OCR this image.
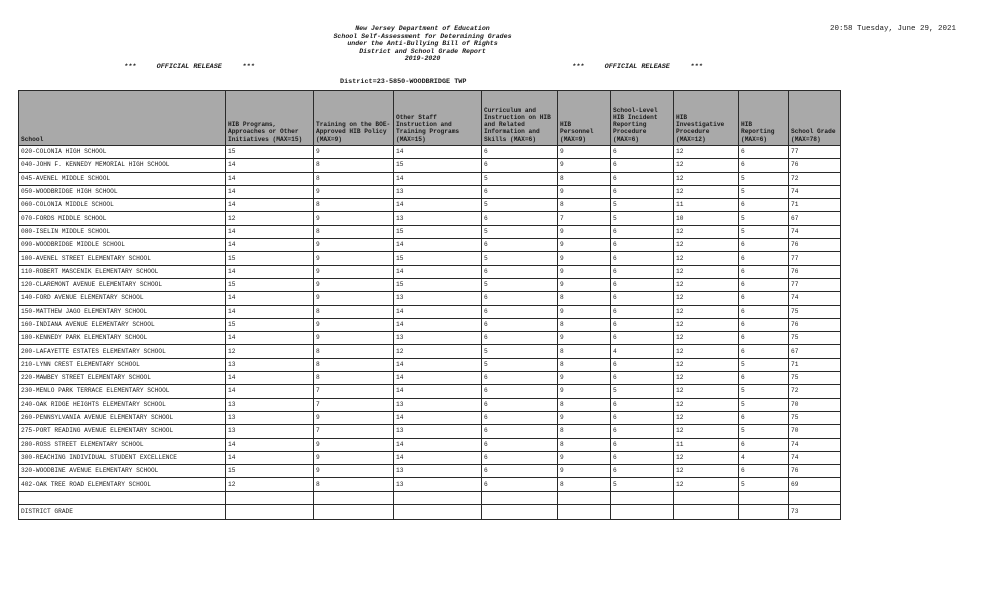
New Jersey Department of Education
School Self-Assessment for Determining Grades
under the Anti-Bullying Bill of Rights
District and School Grade Report
2019-2020
20:58 Tuesday, June 29, 2021
***     OFFICIAL RELEASE     ***	***     OFFICIAL RELEASE     ***
District=23-5850-WOODBRIDGE TWP
School	HIB Programs, Approaches or Other Initiatives (MAX=15)	Training on the BOE-Approved HIB Policy (MAX=9)	Other Staff Instruction and Training Programs (MAX=15)	Curriculum and Instruction on HIB and Related Information and Skills (MAX=6)	HIB Personnel (MAX=9)	School-Level HIB Incident Reporting Procedure (MAX=6)	HIB Investigative Procedure (MAX=12)	HIB Reporting (MAX=6)	School Grade (MAX=78)
020-COLONIA HIGH SCHOOL	15	9	14	6	9	6	12	6	77
040-JOHN F. KENNEDY MEMORIAL HIGH SCHOOL	14	8	15	6	9	6	12	6	76
045-AVENEL MIDDLE SCHOOL	14	8	14	5	8	6	12	5	72
050-WOODBRIDGE HIGH SCHOOL	14	9	13	6	9	6	12	5	74
060-COLONIA MIDDLE SCHOOL	14	8	14	5	8	5	11	6	71
070-FORDS MIDDLE SCHOOL	12	9	13	6	7	5	10	5	67
080-ISELIN MIDDLE SCHOOL	14	8	15	5	9	6	12	5	74
090-WOODBRIDGE MIDDLE SCHOOL	14	9	14	6	9	6	12	6	76
100-AVENEL STREET ELEMENTARY SCHOOL	15	9	15	5	9	6	12	6	77
110-ROBERT MASCENIK ELEMENTARY SCHOOL	14	9	14	6	9	6	12	6	76
120-CLAREMONT AVENUE ELEMENTARY SCHOOL	15	9	15	5	9	6	12	6	77
140-FORD AVENUE ELEMENTARY SCHOOL	14	9	13	6	8	6	12	6	74
150-MATTHEW JAGO ELEMENTARY SCHOOL	14	8	14	6	9	6	12	6	75
160-INDIANA AVENUE ELEMENTARY SCHOOL	15	9	14	6	8	6	12	6	76
180-KENNEDY PARK ELEMENTARY SCHOOL	14	9	13	6	9	6	12	6	75
200-LAFAYETTE ESTATES ELEMENTARY SCHOOL	12	8	12	5	8	4	12	6	67
210-LYNN CREST ELEMENTARY SCHOOL	13	8	14	5	8	6	12	5	71
220-MAWBEY STREET ELEMENTARY SCHOOL	14	8	14	6	9	6	12	6	75
230-MENLO PARK TERRACE ELEMENTARY SCHOOL	14	7	14	6	9	5	12	5	72
240-OAK RIDGE HEIGHTS ELEMENTARY SCHOOL	13	7	13	6	8	6	12	5	70
260-PENNSYLVANIA AVENUE ELEMENTARY SCHOOL	13	9	14	6	9	6	12	6	75
275-PORT READING AVENUE ELEMENTARY SCHOOL	13	7	13	6	8	6	12	5	70
280-ROSS STREET ELEMENTARY SCHOOL	14	9	14	6	8	6	11	6	74
300-REACHING INDIVIDUAL STUDENT EXCELLENCE	14	9	14	6	9	6	12	4	74
320-WOODBINE AVENUE ELEMENTARY SCHOOL	15	9	13	6	9	6	12	6	76
402-OAK TREE ROAD ELEMENTARY SCHOOL	12	8	13	6	8	5	12	5	69

DISTRICT GRADE									73
